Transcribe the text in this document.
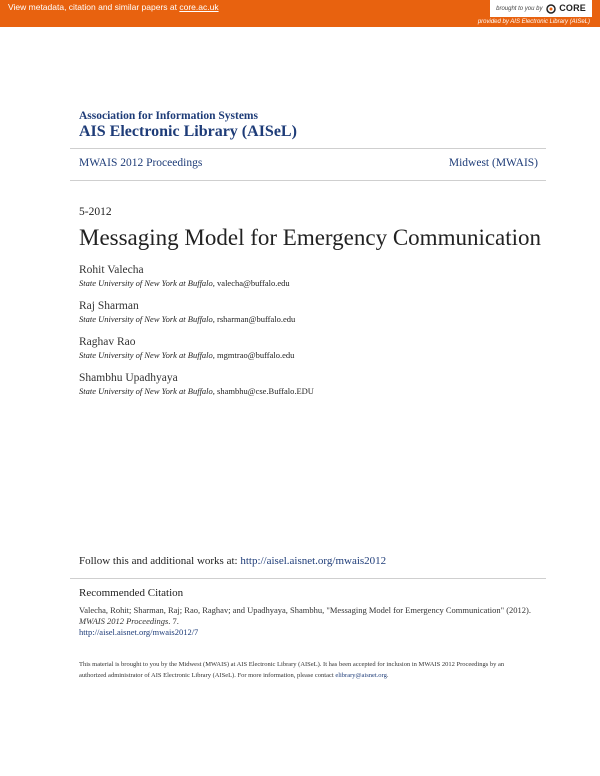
View metadata, citation and similar papers at core.ac.uk	brought to you by	CORE
provided by AIS Electronic Library (AISeL)
Association for Information Systems
AIS Electronic Library (AISeL)
MWAIS 2012 Proceedings	Midwest (MWAIS)
5-2012
Messaging Model for Emergency Communication
Rohit Valecha
State University of New York at Buffalo, valecha@buffalo.edu
Raj Sharman
State University of New York at Buffalo, rsharman@buffalo.edu
Raghav Rao
State University of New York at Buffalo, mgmtrao@buffalo.edu
Shambhu Upadhyaya
State University of New York at Buffalo, shambhu@cse.Buffalo.EDU
Follow this and additional works at: http://aisel.aisnet.org/mwais2012
Recommended Citation
Valecha, Rohit; Sharman, Raj; Rao, Raghav; and Upadhyaya, Shambhu, "Messaging Model for Emergency Communication" (2012).
MWAIS 2012 Proceedings. 7.
http://aisel.aisnet.org/mwais2012/7
This material is brought to you by the Midwest (MWAIS) at AIS Electronic Library (AISeL). It has been accepted for inclusion in MWAIS 2012 Proceedings by an authorized administrator of AIS Electronic Library (AISeL). For more information, please contact elibrary@aisnet.org.
